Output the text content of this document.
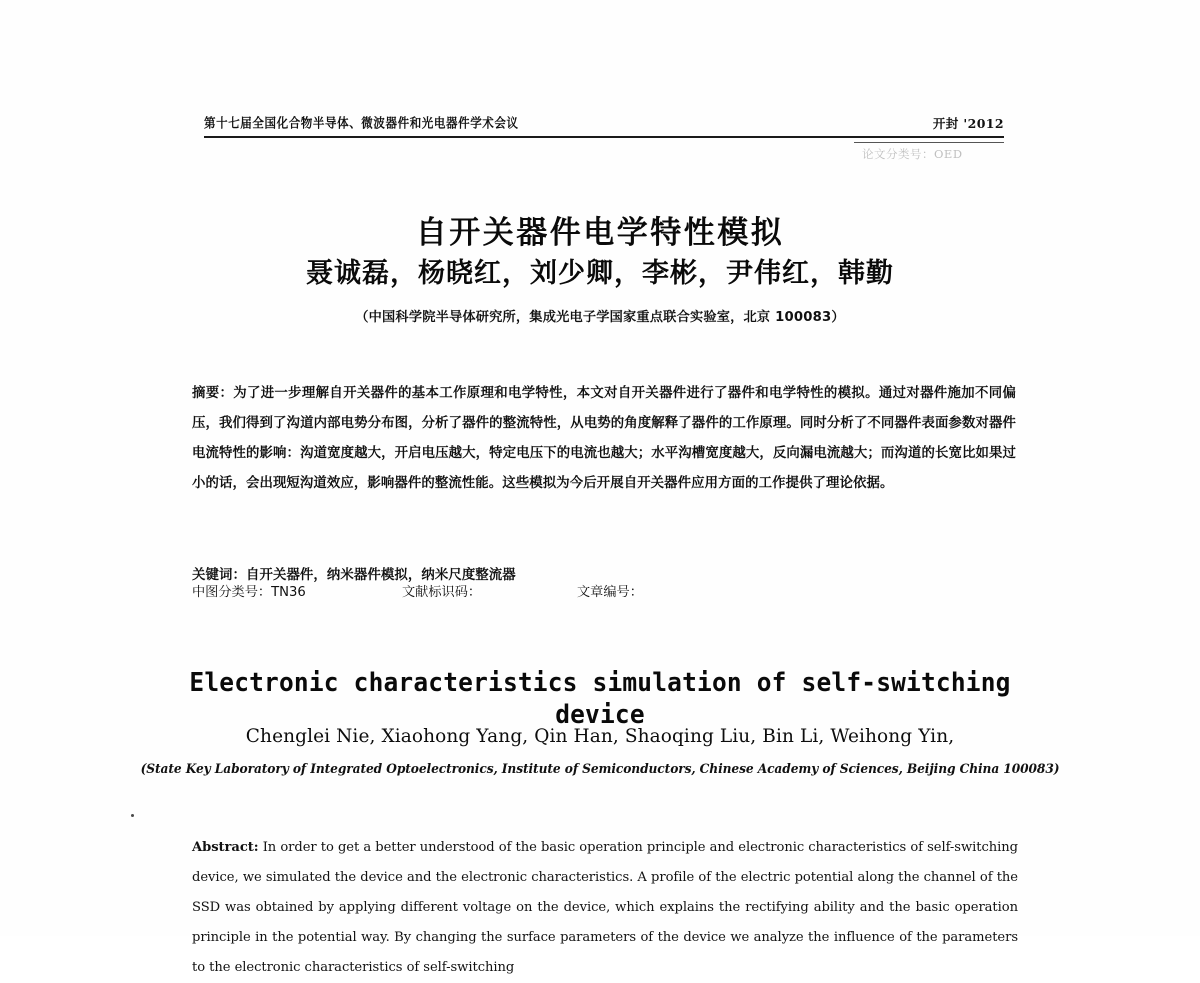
第十七届全国化合物半导体、微波器件和光电器件学术会议	开封 '2012
论文分类号：OED
自开关器件电学特性模拟
聂诚磊，杨晓红，刘少卿，李彬，尹伟红，韩勤
（中国科学院半导体研究所，集成光电子学国家重点联合实验室，北京 100083）

摘要：为了进一步理解自开关器件的基本工作原理和电学特性，本文对自开关器件进行了器件和电学特性的模拟。通过对器件施加不同偏压，我们得到了沟道内部电势分布图，分析了器件的整流特性，从电势的角度解释了器件的工作原理。同时分析了不同器件表面参数对器件电流特性的影响：沟道宽度越大，开启电压越大，特定电压下的电流也越大；水平沟槽宽度越大，反向漏电流越大；而沟道的长宽比如果过小的话，会出现短沟道效应，影响器件的整流性能。这些模拟为今后开展自开关器件应用方面的工作提供了理论依据。

关键词：自开关器件，纳米器件模拟，纳米尺度整流器

中图分类号：TN36	文献标识码：	文章编号：
Electronic characteristics simulation of self-switching device
Chenglei Nie, Xiaohong Yang, Qin Han, Shaoqing Liu, Bin Li, Weihong Yin,
(State Key Laboratory of Integrated Optoelectronics, Institute of Semiconductors, Chinese Academy of Sciences, Beijing China 100083)

Abstract: In order to get a better understood of the basic operation principle and electronic characteristics of self-switching device, we simulated the device and the electronic characteristics. A profile of the electric potential along the channel of the SSD was obtained by applying different voltage on the device, which explains the rectifying ability and the basic operation principle in the potential way. By changing the surface parameters of the device we analyze the influence of the parameters to the electronic characteristics of self-switching
